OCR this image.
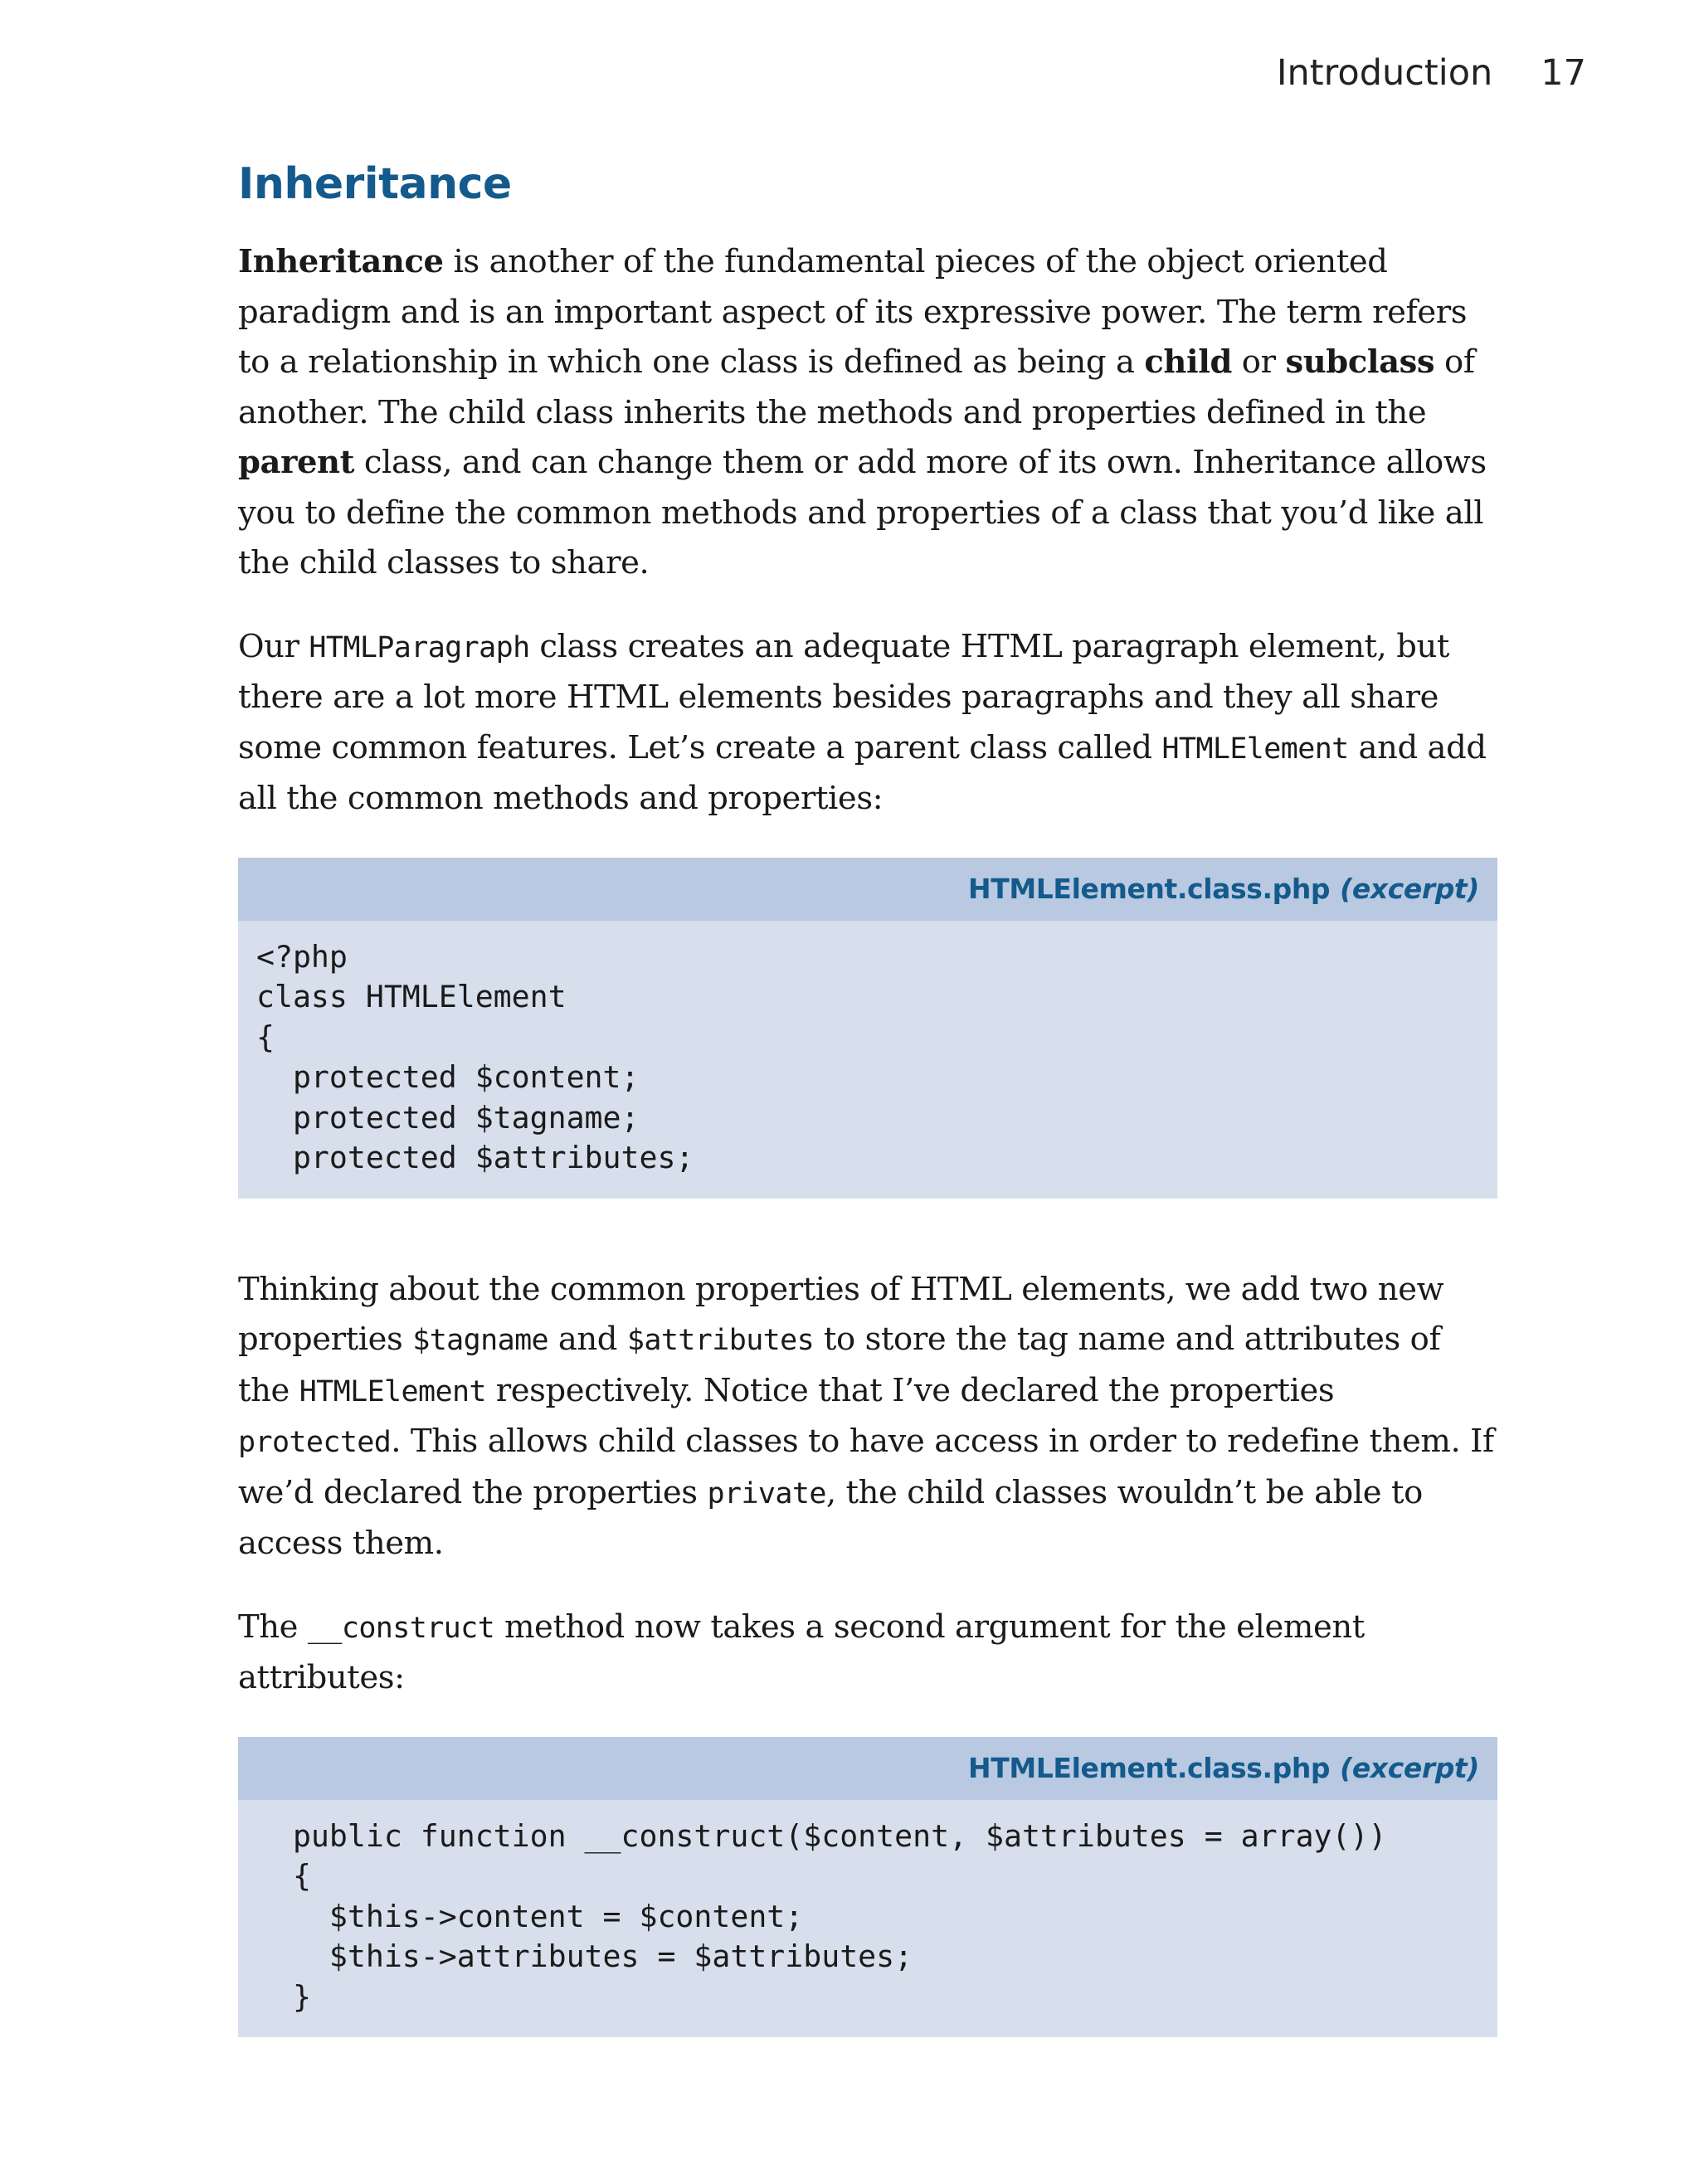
Introduction 17
Inheritance

Inheritance is another of the fundamental pieces of the object oriented paradigm and is an important aspect of its expressive power. The term refers to a relationship in which one class is defined as being a child or subclass of another. The child class inherits the methods and properties defined in the parent class, and can change them or add more of its own. Inheritance allows you to define the common methods and properties of a class that you’d like all the child classes to share.

Our HTMLParagraph class creates an adequate HTML paragraph element, but there are a lot more HTML elements besides paragraphs and they all share some common features. Let’s create a parent class called HTMLElement and add all the common methods and properties:

HTMLElement.class.php (excerpt)
<?php
class HTMLElement
{
protected $content;
protected $tagname;
protected $attributes;

Thinking about the common properties of HTML elements, we add two new properties $tagname and $attributes to store the tag name and attributes of the HTMLElement respectively. Notice that I’ve declared the properties protected. This allows child classes to have access in order to redefine them. If we’d declared the properties private, the child classes wouldn’t be able to access them.

The __construct method now takes a second argument for the element attributes:

HTMLElement.class.php (excerpt)
public function __construct($content, $attributes = array())
{
$this->content = $content;
$this->attributes = $attributes;
}
